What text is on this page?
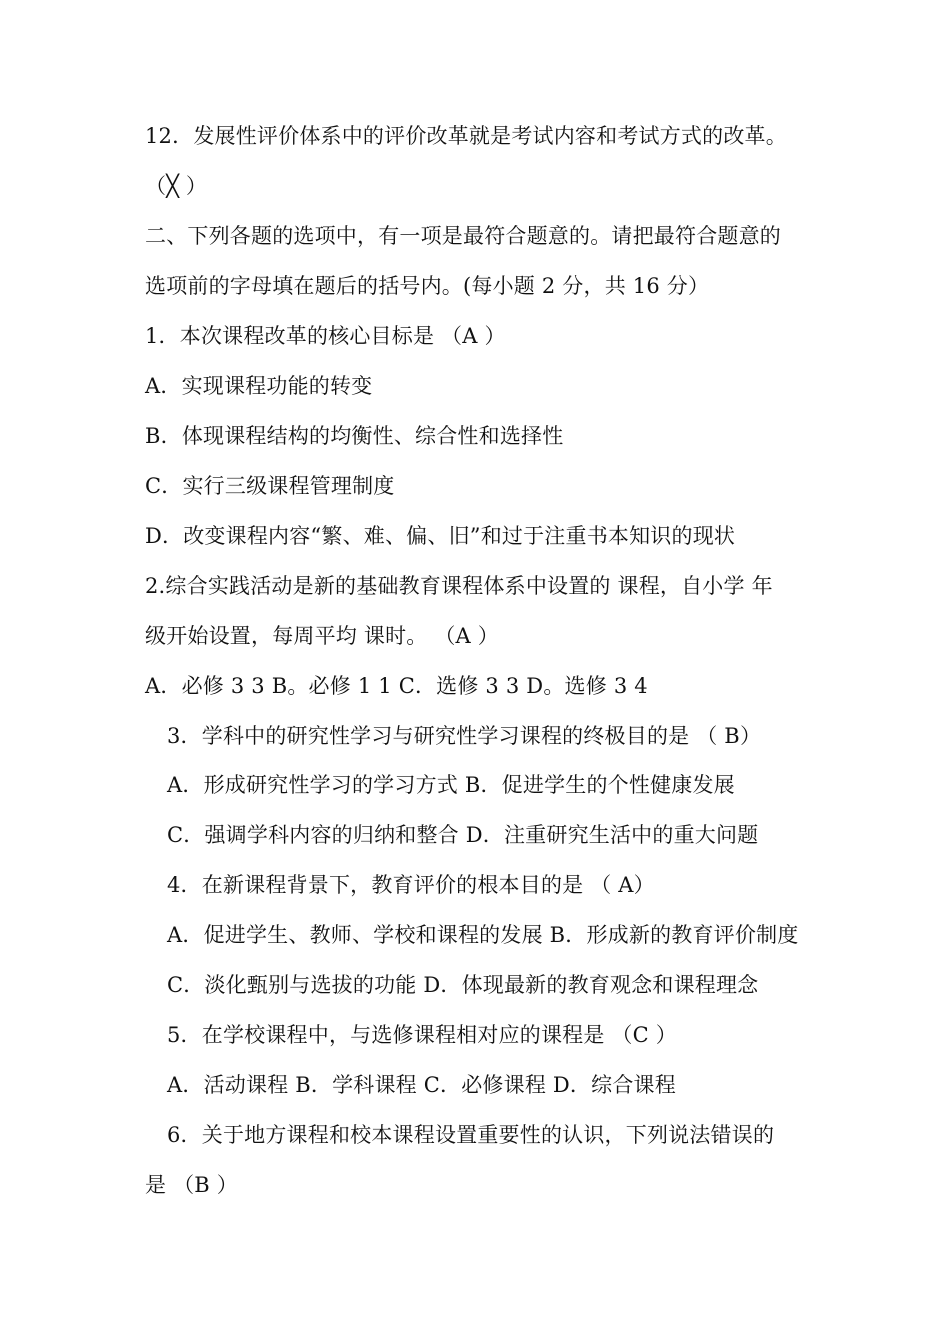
12．发展性评价体系中的评价改革就是考试内容和考试方式的改革。
（╳ ）
二、下列各题的选项中，有一项是最符合题意的。请把最符合题意的
选项前的字母填在题后的括号内。(每小题 2 分，共 16 分）
1．本次课程改革的核心目标是 （A ）
A．实现课程功能的转变
B．体现课程结构的均衡性、综合性和选择性
C．实行三级课程管理制度
D．改变课程内容“繁、难、偏、旧”和过于注重书本知识的现状
2.综合实践活动是新的基础教育课程体系中设置的 课程，自小学 年
级开始设置，每周平均 课时。 （A ）
A．必修 3 3 B。必修 1 1 C．选修 3 3 D。选修 3 4
3．学科中的研究性学习与研究性学习课程的终极目的是 （ B）
A．形成研究性学习的学习方式 B．促进学生的个性健康发展
C．强调学科内容的归纳和整合 D．注重研究生活中的重大问题
4．在新课程背景下，教育评价的根本目的是 （ A）
A．促进学生、教师、学校和课程的发展 B．形成新的教育评价制度
C．淡化甄别与选拔的功能 D．体现最新的教育观念和课程理念
5．在学校课程中，与选修课程相对应的课程是 （C ）
A．活动课程 B．学科课程 C．必修课程 D．综合课程
6．关于地方课程和校本课程设置重要性的认识，下列说法错误的
是 （B ）
